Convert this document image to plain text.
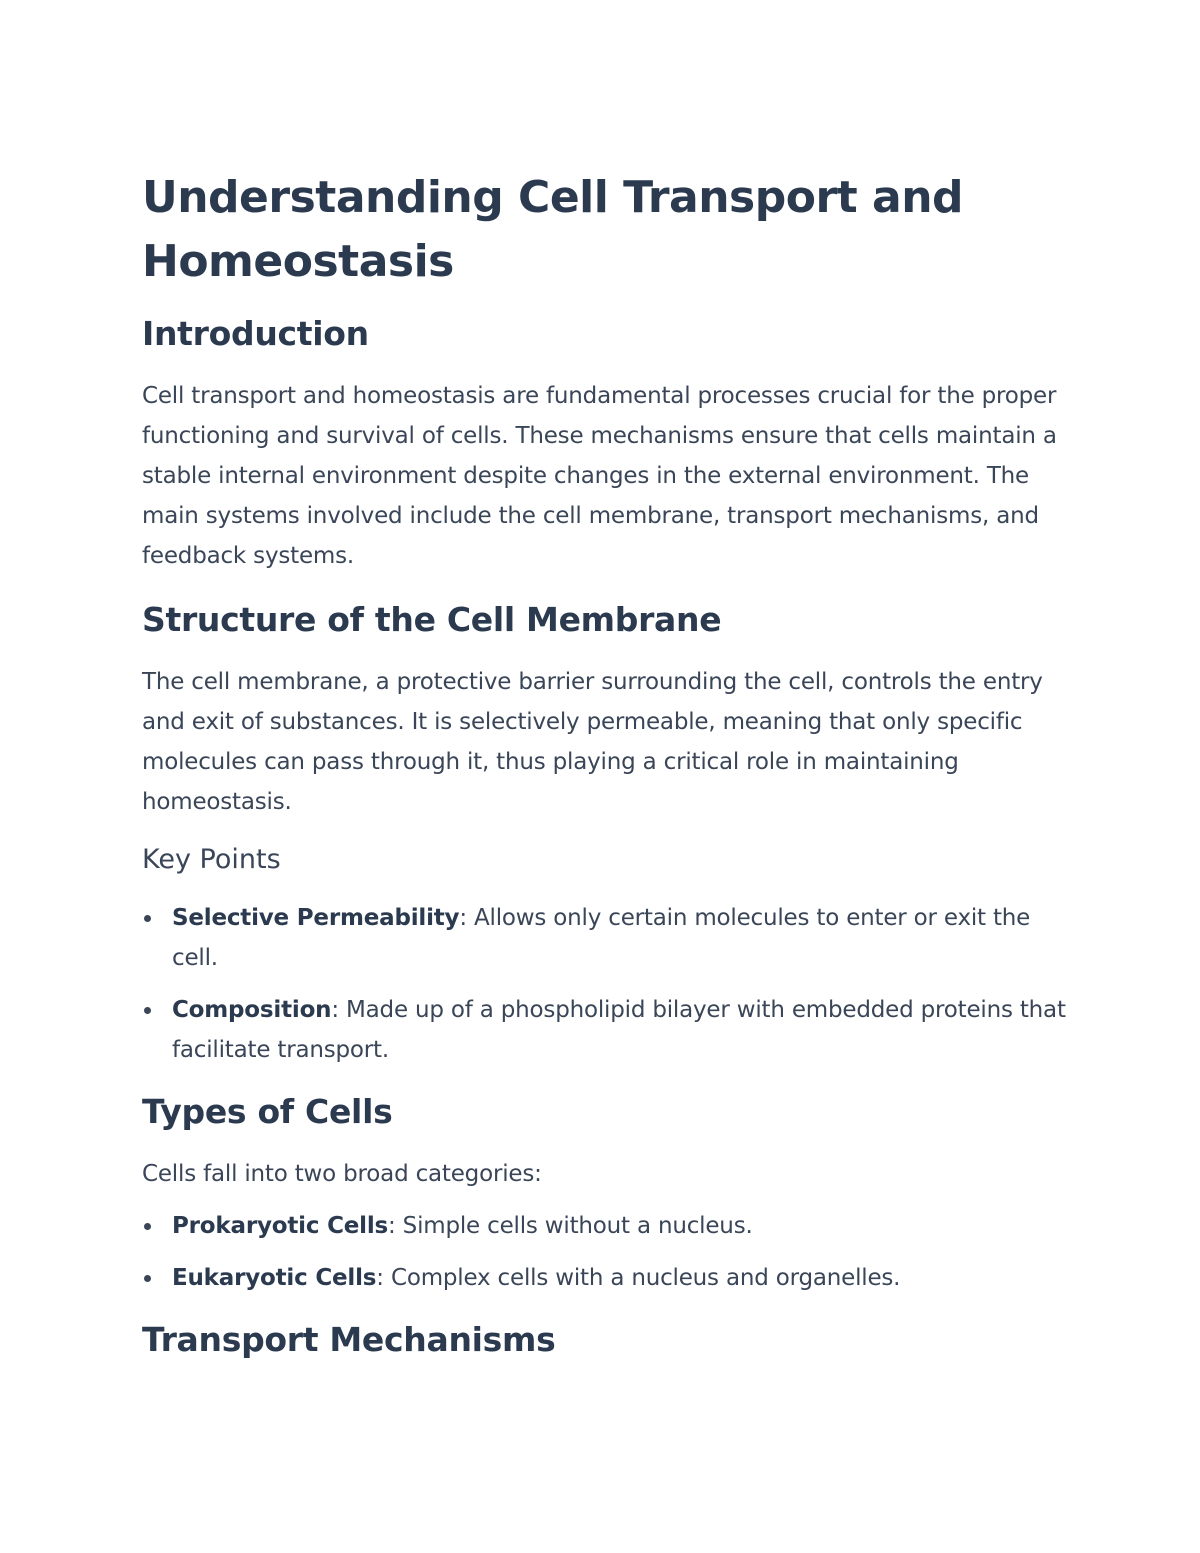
Understanding Cell Transport and Homeostasis
Introduction

Cell transport and homeostasis are fundamental processes crucial for the proper functioning and survival of cells. These mechanisms ensure that cells maintain a stable internal environment despite changes in the external environment. The main systems involved include the cell membrane, transport mechanisms, and feedback systems.

Structure of the Cell Membrane

The cell membrane, a protective barrier surrounding the cell, controls the entry and exit of substances. It is selectively permeable, meaning that only specific molecules can pass through it, thus playing a critical role in maintaining homeostasis.

Key Points
Selective Permeability: Allows only certain molecules to enter or exit the cell.
Composition: Made up of a phospholipid bilayer with embedded proteins that facilitate transport.
Types of Cells

Cells fall into two broad categories:

Prokaryotic Cells: Simple cells without a nucleus.
Eukaryotic Cells: Complex cells with a nucleus and organelles.
Transport Mechanisms
